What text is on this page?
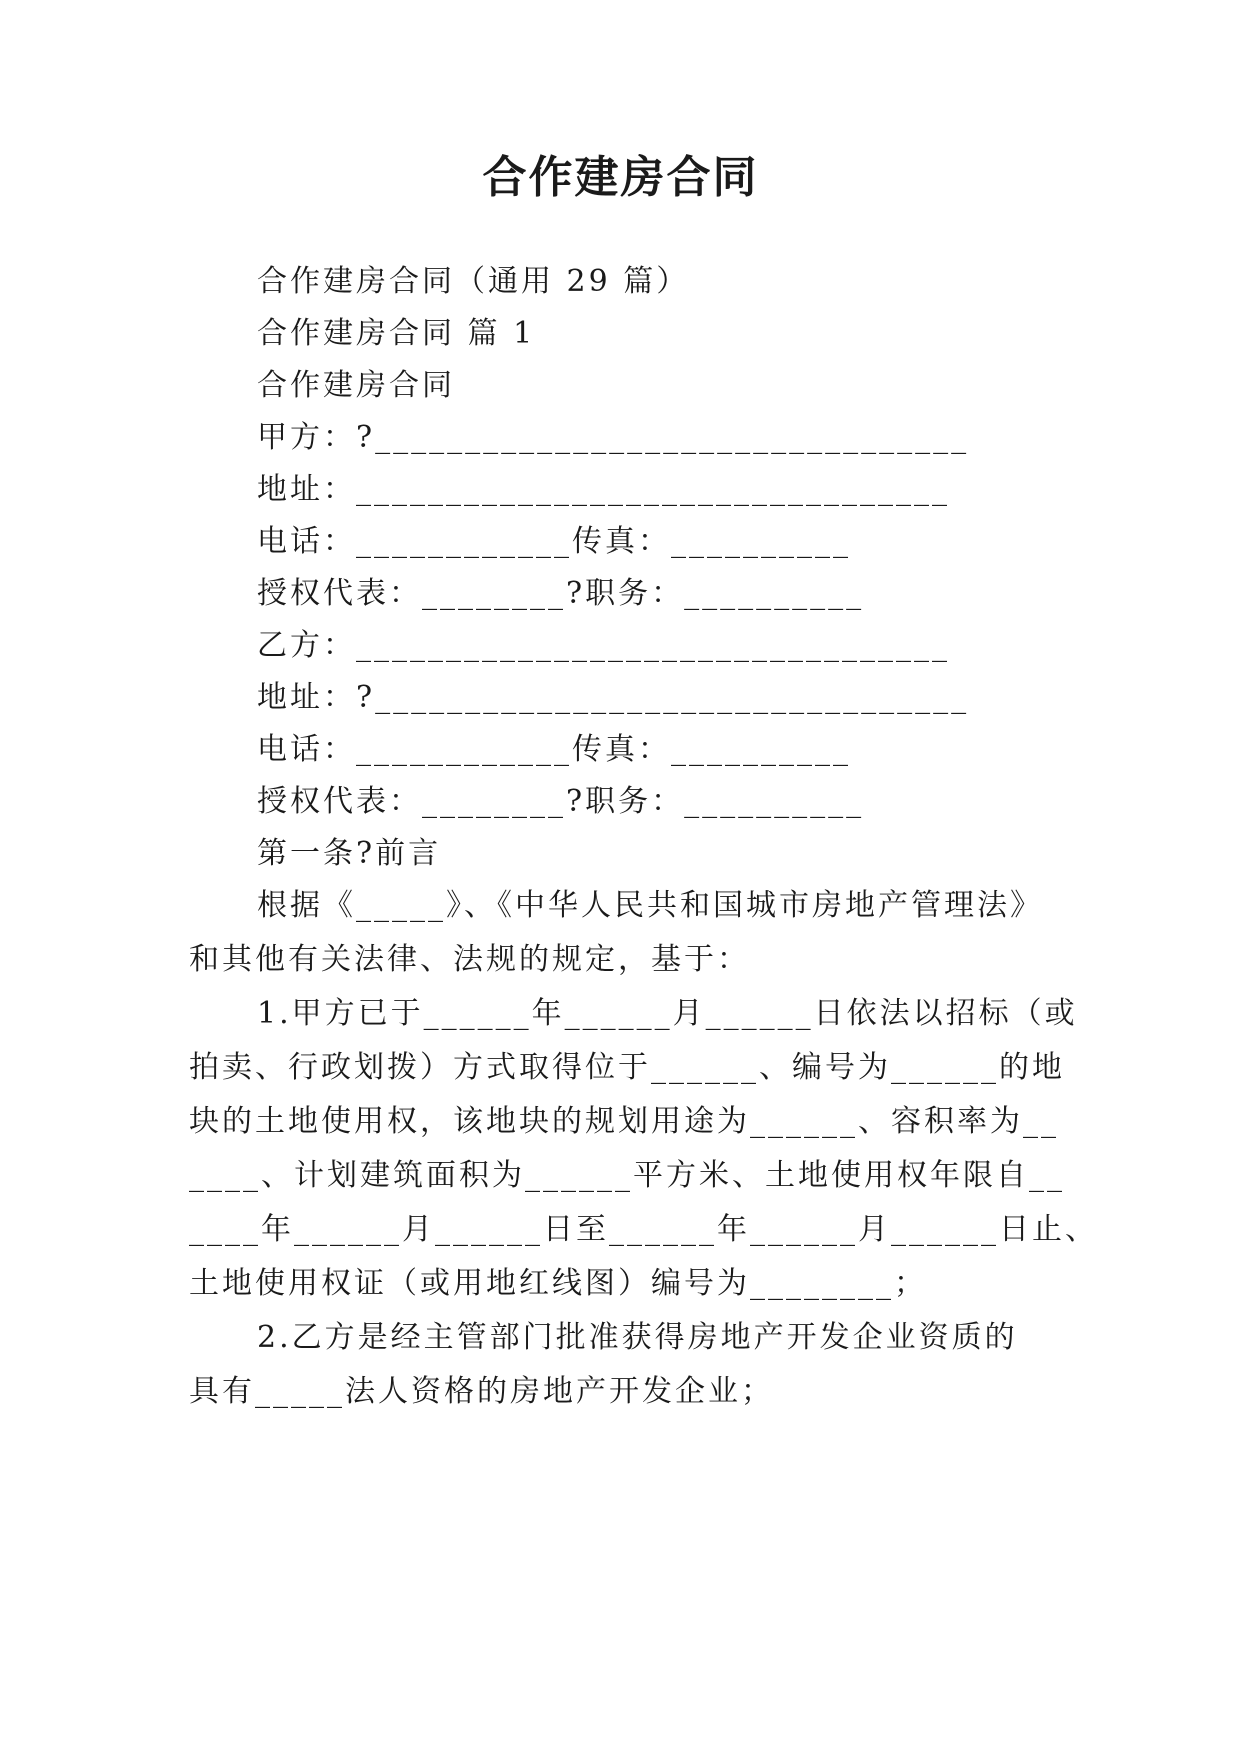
合作建房合同
合作建房合同（通用 29 篇）
合作建房合同 篇 1
合作建房合同
甲方：?_________________________________
地址：_________________________________
电话：____________传真：__________
授权代表：________?职务：__________
乙方：_________________________________
地址：?_________________________________
电话：____________传真：__________
授权代表：________?职务：__________
第一条?前言
根据《_____》、《中华人民共和国城市房地产管理法》
和其他有关法律、法规的规定，基于：
1.甲方已于______年______月______日依法以招标（或
拍卖、行政划拨）方式取得位于______、编号为______的地
块的土地使用权，该地块的规划用途为______、容积率为__
____、计划建筑面积为______平方米、土地使用权年限自__
____年______月______日至______年______月______日止、
土地使用权证（或用地红线图）编号为________；
2.乙方是经主管部门批准获得房地产开发企业资质的
具有_____法人资格的房地产开发企业；
